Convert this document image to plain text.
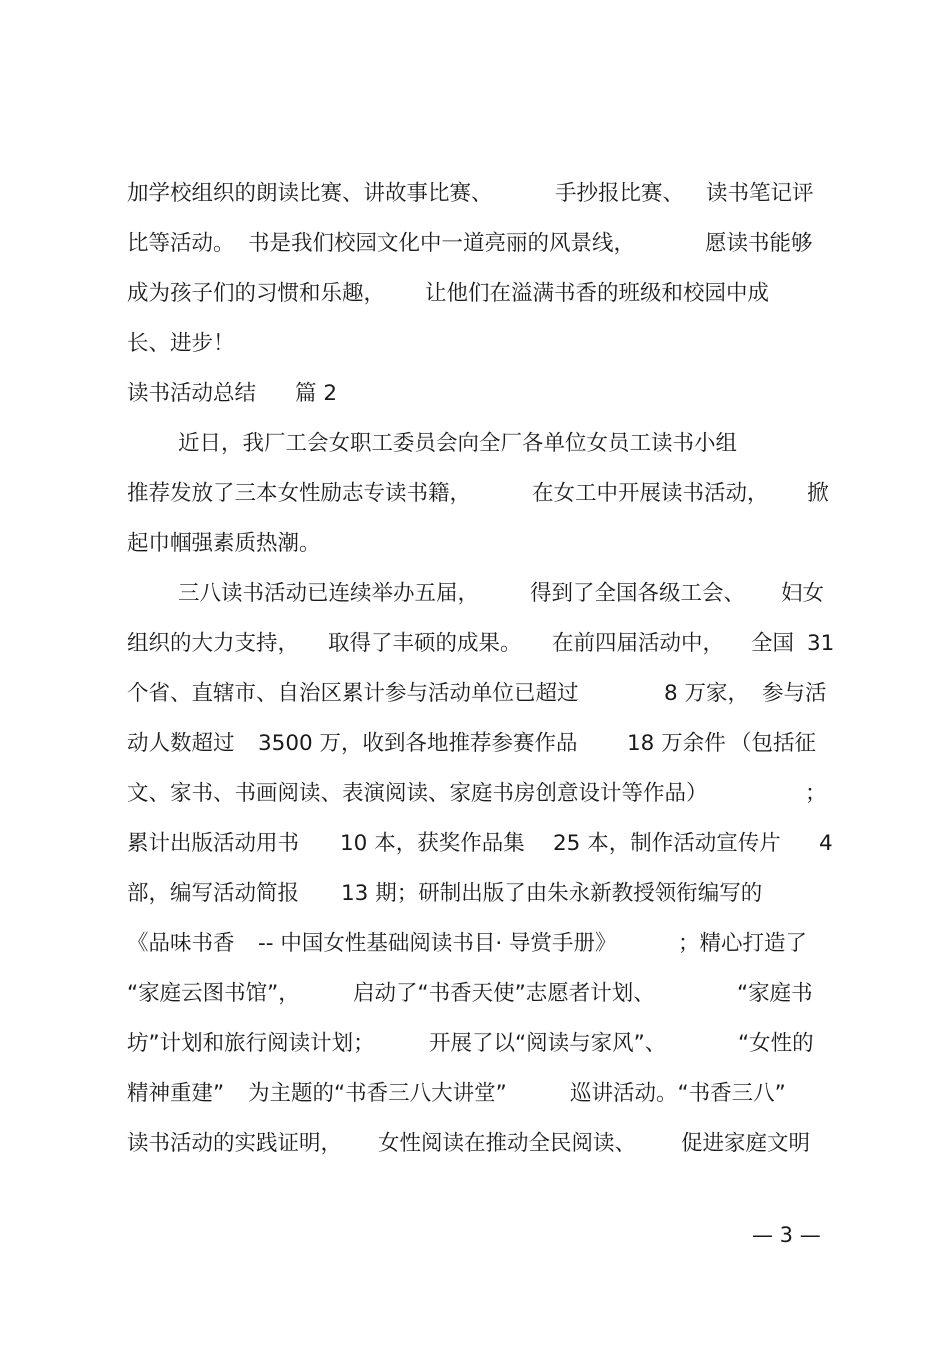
加学校组织的朗读比赛、讲故事比赛、

	手抄报比赛、

读书笔记评

比等活动。

书是我们校园文化中一道亮丽的风景线，

	愿读书能够

成为孩子们的习惯和乐趣，

让他们在溢满书香的班级和校园中成

长、进步！

读书活动总结

篇 2

近日，我厂工会女职工委员会向全厂各单位女员工读书小组

推荐发放了三本女性励志专读书籍，

	在女工中开展读书活动，

掀

起巾帼强素质热潮。

三八读书活动已连续举办五届，

得到了全国各级工会、

妇女

组织的大力支持，

取得了丰硕的成果。

在前四届活动中，

全国

31

个省、直辖市、自治区累计参与活动单位已超过

	8 万家，

参与活

动人数超过

3500 万，收到各地推荐参赛作品

18 万余件

（包括征

文、家书、书画阅读、表演阅读、家庭书房创意设计等作品）

	；

累计出版活动用书

10 本，获奖作品集

25 本，制作活动宣传片

4

部，编写活动简报

13 期；研制出版了由朱永新教授领衔编写的

《品味书香

-- 中国女性基础阅读书目· 导赏手册》

	；精心打造了

“家庭云图书馆”，

启动了“书香天使”志愿者计划、

	“家庭书

坊”计划和旅行阅读计划；

	开展了以“阅读与家风”、

	“女性的

精神重建”

为主题的“书香三八大讲堂”

	巡讲活动。“书香三八”

读书活动的实践证明，

女性阅读在推动全民阅读、

促进家庭文明

— 3 —
